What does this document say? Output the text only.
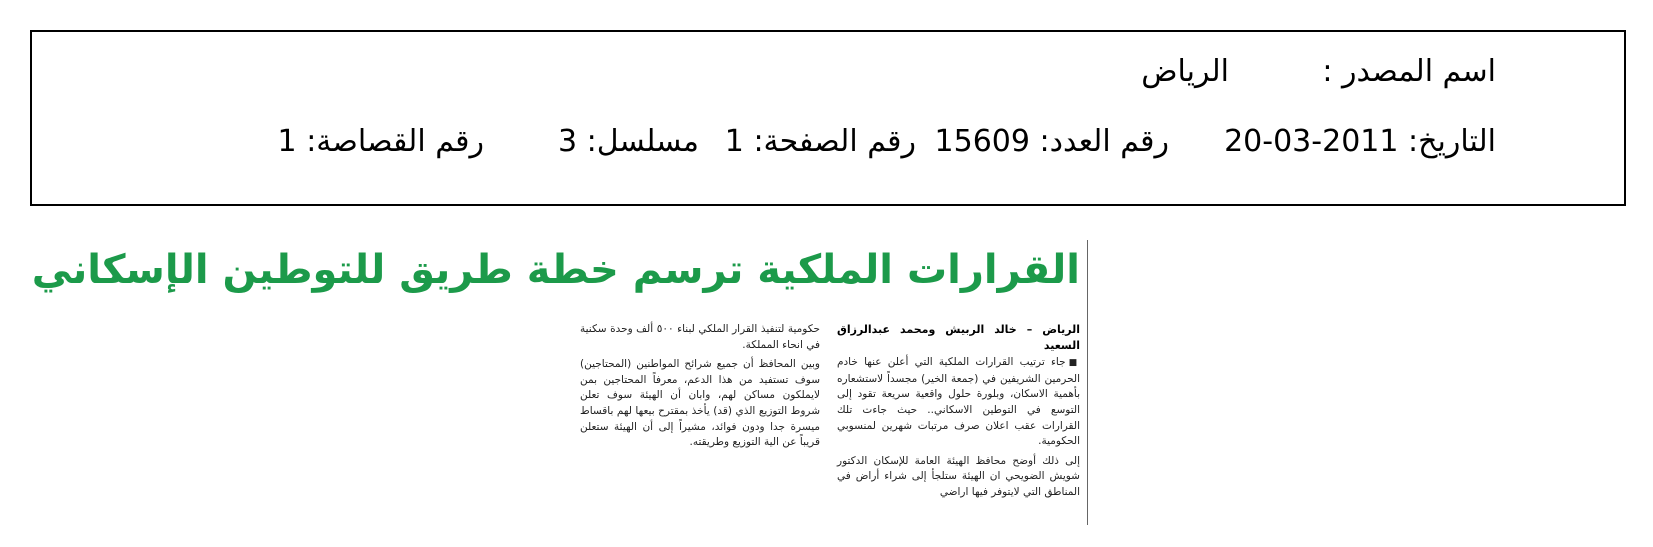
اسم المصدر :
الرياض
التاريخ: 2011-03-20
رقم العدد: 15609
رقم الصفحة: 1
مسلسل: 3
رقم القصاصة: 1
القرارات الملكية ترسم خطة طريق للتوطين الإسكاني
الرياض – خالد الربيش ومحمد عبدالرزاق السعيد

■جاء ترتيب القرارات الملكية التي أعلن عنها خادم الحرمين الشريفين في (جمعة الخير) مجسداً لاستشعاره بأهمية الاسكان، وبلورة حلول واقعية سريعة تقود إلى التوسع في التوطين الاسكاني.. حيث جاءت تلك القرارات عقب اعلان صرف مرتبات شهرين لمنسوبي الحكومية.

إلى ذلك أوضح محافظ الهيئة العامة للإسكان الدكتور شويش الضويحي ان الهيئة ستلجأ إلى شراء أراض في المناطق التي لايتوفر فيها اراضي

حكومية لتنفيذ القرار الملكي لبناء ٥٠٠ ألف وحدة سكنية في انحاء المملكة.

وبين المحافظ أن جميع شرائح المواطنين (المحتاجين) سوف تستفيد من هذا الدعم، معرفاً المحتاجين بمن لايملكون مساكن لهم، وابان أن الهيئة سوف تعلن شروط التوزيع الذي (قد) يأخذ بمقترح بيعها لهم باقساط ميسرة جدا ودون فوائد، مشيراً إلى أن الهيئة ستعلن قريباً عن الية التوزيع وطريقته.
